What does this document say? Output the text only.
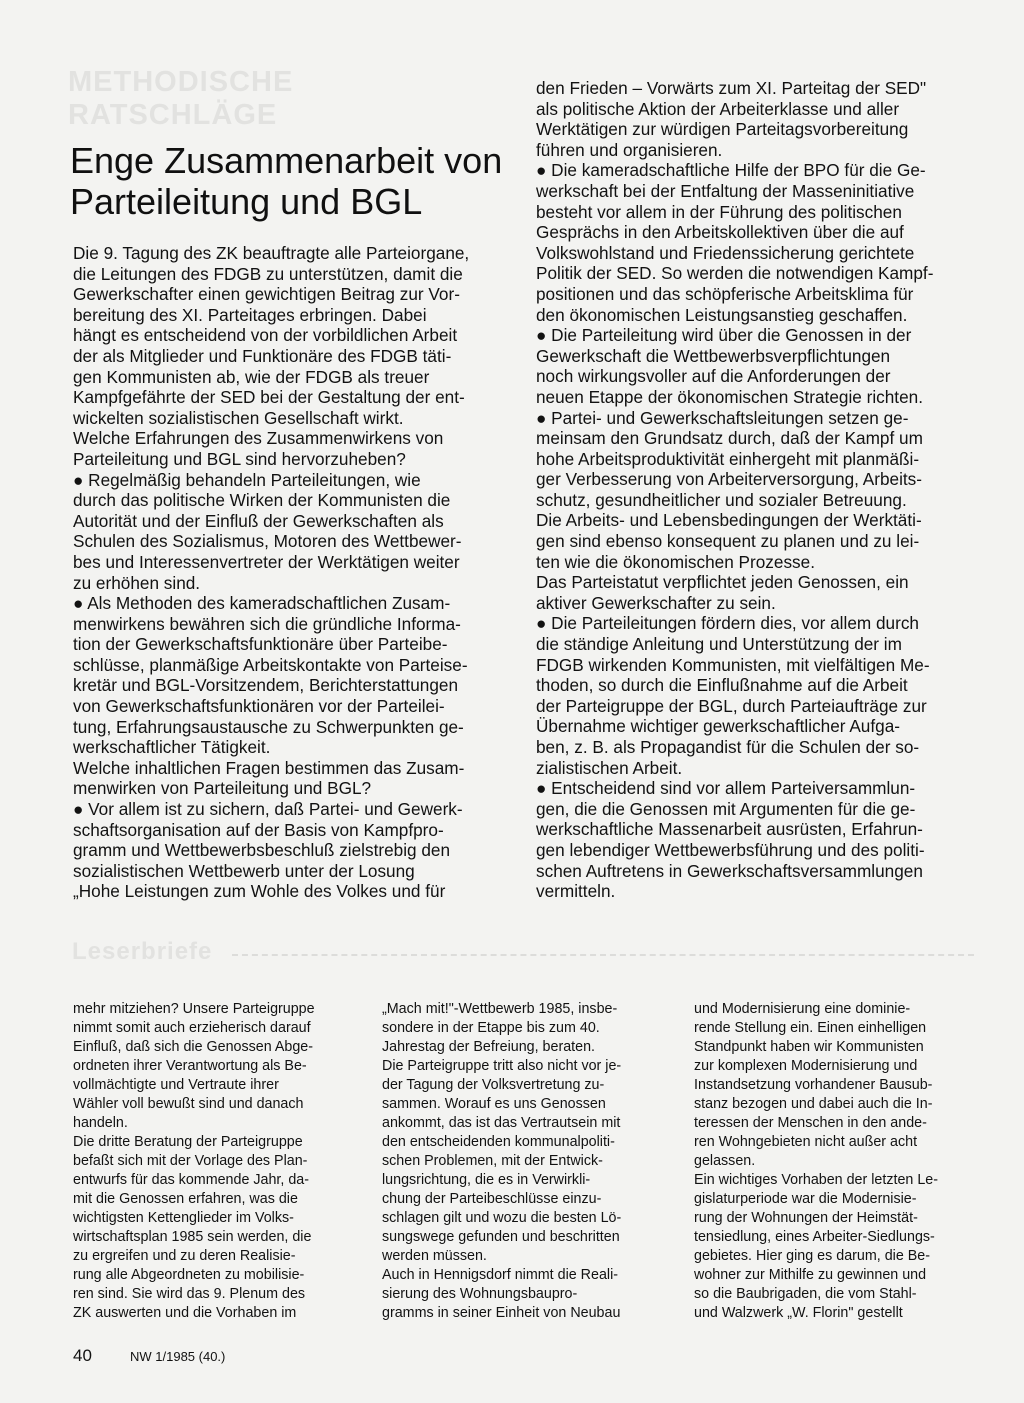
METHODISCHE RATSCHLÄGE
Enge Zusammenarbeit von
Parteileitung und BGL
Die 9. Tagung des ZK beauftragte alle Parteiorgane,
die Leitungen des FDGB zu unterstützen, damit die
Gewerkschafter einen gewichtigen Beitrag zur Vor-
bereitung des XI. Parteitages erbringen. Dabei
hängt es entscheidend von der vorbildlichen Arbeit
der als Mitglieder und Funktionäre des FDGB täti-
gen Kommunisten ab, wie der FDGB als treuer
Kampfgefährte der SED bei der Gestaltung der ent-
wickelten sozialistischen Gesellschaft wirkt.
Welche Erfahrungen des Zusammenwirkens von
Parteileitung und BGL sind hervorzuheben?
● Regelmäßig behandeln Parteileitungen, wie
durch das politische Wirken der Kommunisten die
Autorität und der Einfluß der Gewerkschaften als
Schulen des Sozialismus, Motoren des Wettbewer-
bes und Interessenvertreter der Werktätigen weiter
zu erhöhen sind.
● Als Methoden des kameradschaftlichen Zusam-
menwirkens bewähren sich die gründliche Informa-
tion der Gewerkschaftsfunktionäre über Parteibe-
schlüsse, planmäßige Arbeitskontakte von Parteise-
kretär und BGL-Vorsitzendem, Berichterstattungen
von Gewerkschaftsfunktionären vor der Parteilei-
tung, Erfahrungsaustausche zu Schwerpunkten ge-
werkschaftlicher Tätigkeit.
Welche inhaltlichen Fragen bestimmen das Zusam-
menwirken von Parteileitung und BGL?
● Vor allem ist zu sichern, daß Partei- und Gewerk-
schaftsorganisation auf der Basis von Kampfpro-
gramm und Wettbewerbsbeschluß zielstrebig den
sozialistischen Wettbewerb unter der Losung
„Hohe Leistungen zum Wohle des Volkes und für
den Frieden – Vorwärts zum XI. Parteitag der SED"
als politische Aktion der Arbeiterklasse und aller
Werktätigen zur würdigen Parteitagsvorbereitung
führen und organisieren.
● Die kameradschaftliche Hilfe der BPO für die Ge-
werkschaft bei der Entfaltung der Masseninitiative
besteht vor allem in der Führung des politischen
Gesprächs in den Arbeitskollektiven über die auf
Volkswohlstand und Friedenssicherung gerichtete
Politik der SED. So werden die notwendigen Kampf-
positionen und das schöpferische Arbeitsklima für
den ökonomischen Leistungsanstieg geschaffen.
● Die Parteileitung wird über die Genossen in der
Gewerkschaft die Wettbewerbsverpflichtungen
noch wirkungsvoller auf die Anforderungen der
neuen Etappe der ökonomischen Strategie richten.
● Partei- und Gewerkschaftsleitungen setzen ge-
meinsam den Grundsatz durch, daß der Kampf um
hohe Arbeitsproduktivität einhergeht mit planmäßi-
ger Verbesserung von Arbeiterversorgung, Arbeits-
schutz, gesundheitlicher und sozialer Betreuung.
Die Arbeits- und Lebensbedingungen der Werktäti-
gen sind ebenso konsequent zu planen und zu lei-
ten wie die ökonomischen Prozesse.
Das Parteistatut verpflichtet jeden Genossen, ein
aktiver Gewerkschafter zu sein.
● Die Parteileitungen fördern dies, vor allem durch
die ständige Anleitung und Unterstützung der im
FDGB wirkenden Kommunisten, mit vielfältigen Me-
thoden, so durch die Einflußnahme auf die Arbeit
der Parteigruppe der BGL, durch Parteiaufträge zur
Übernahme wichtiger gewerkschaftlicher Aufga-
ben, z. B. als Propagandist für die Schulen der so-
zialistischen Arbeit.
● Entscheidend sind vor allem Parteiversammlun-
gen, die die Genossen mit Argumenten für die ge-
werkschaftliche Massenarbeit ausrüsten, Erfahrun-
gen lebendiger Wettbewerbsführung und des politi-
schen Auftretens in Gewerkschaftsversammlungen
vermitteln.
Leserbriefe
mehr mitziehen? Unsere Parteigruppe
nimmt somit auch erzieherisch darauf
Einfluß, daß sich die Genossen Abge-
ordneten ihrer Verantwortung als Be-
vollmächtigte und Vertraute ihrer
Wähler voll bewußt sind und danach
handeln.
Die dritte Beratung der Parteigruppe
befaßt sich mit der Vorlage des Plan-
entwurfs für das kommende Jahr, da-
mit die Genossen erfahren, was die
wichtigsten Kettenglieder im Volks-
wirtschaftsplan 1985 sein werden, die
zu ergreifen und zu deren Realisie-
rung alle Abgeordneten zu mobilisie-
ren sind. Sie wird das 9. Plenum des
ZK auswerten und die Vorhaben im
„Mach mit!"-Wettbewerb 1985, insbe-
sondere in der Etappe bis zum 40.
Jahrestag der Befreiung, beraten.
Die Parteigruppe tritt also nicht vor je-
der Tagung der Volksvertretung zu-
sammen. Worauf es uns Genossen
ankommt, das ist das Vertrautsein mit
den entscheidenden kommunalpoliti-
schen Problemen, mit der Entwick-
lungsrichtung, die es in Verwirkli-
chung der Parteibeschlüsse einzu-
schlagen gilt und wozu die besten Lö-
sungswege gefunden und beschritten
werden müssen.
Auch in Hennigsdorf nimmt die Reali-
sierung des Wohnungsbaupro-
gramms in seiner Einheit von Neubau
und Modernisierung eine dominie-
rende Stellung ein. Einen einhelligen
Standpunkt haben wir Kommunisten
zur komplexen Modernisierung und
Instandsetzung vorhandener Bausub-
stanz bezogen und dabei auch die In-
teressen der Menschen in den ande-
ren Wohngebieten nicht außer acht
gelassen.
Ein wichtiges Vorhaben der letzten Le-
gislaturperiode war die Modernisie-
rung der Wohnungen der Heimstät-
tensiedlung, eines Arbeiter-Siedlungs-
gebietes. Hier ging es darum, die Be-
wohner zur Mithilfe zu gewinnen und
so die Baubrigaden, die vom Stahl-
und Walzwerk „W. Florin" gestellt
40	NW 1/1985 (40.)
